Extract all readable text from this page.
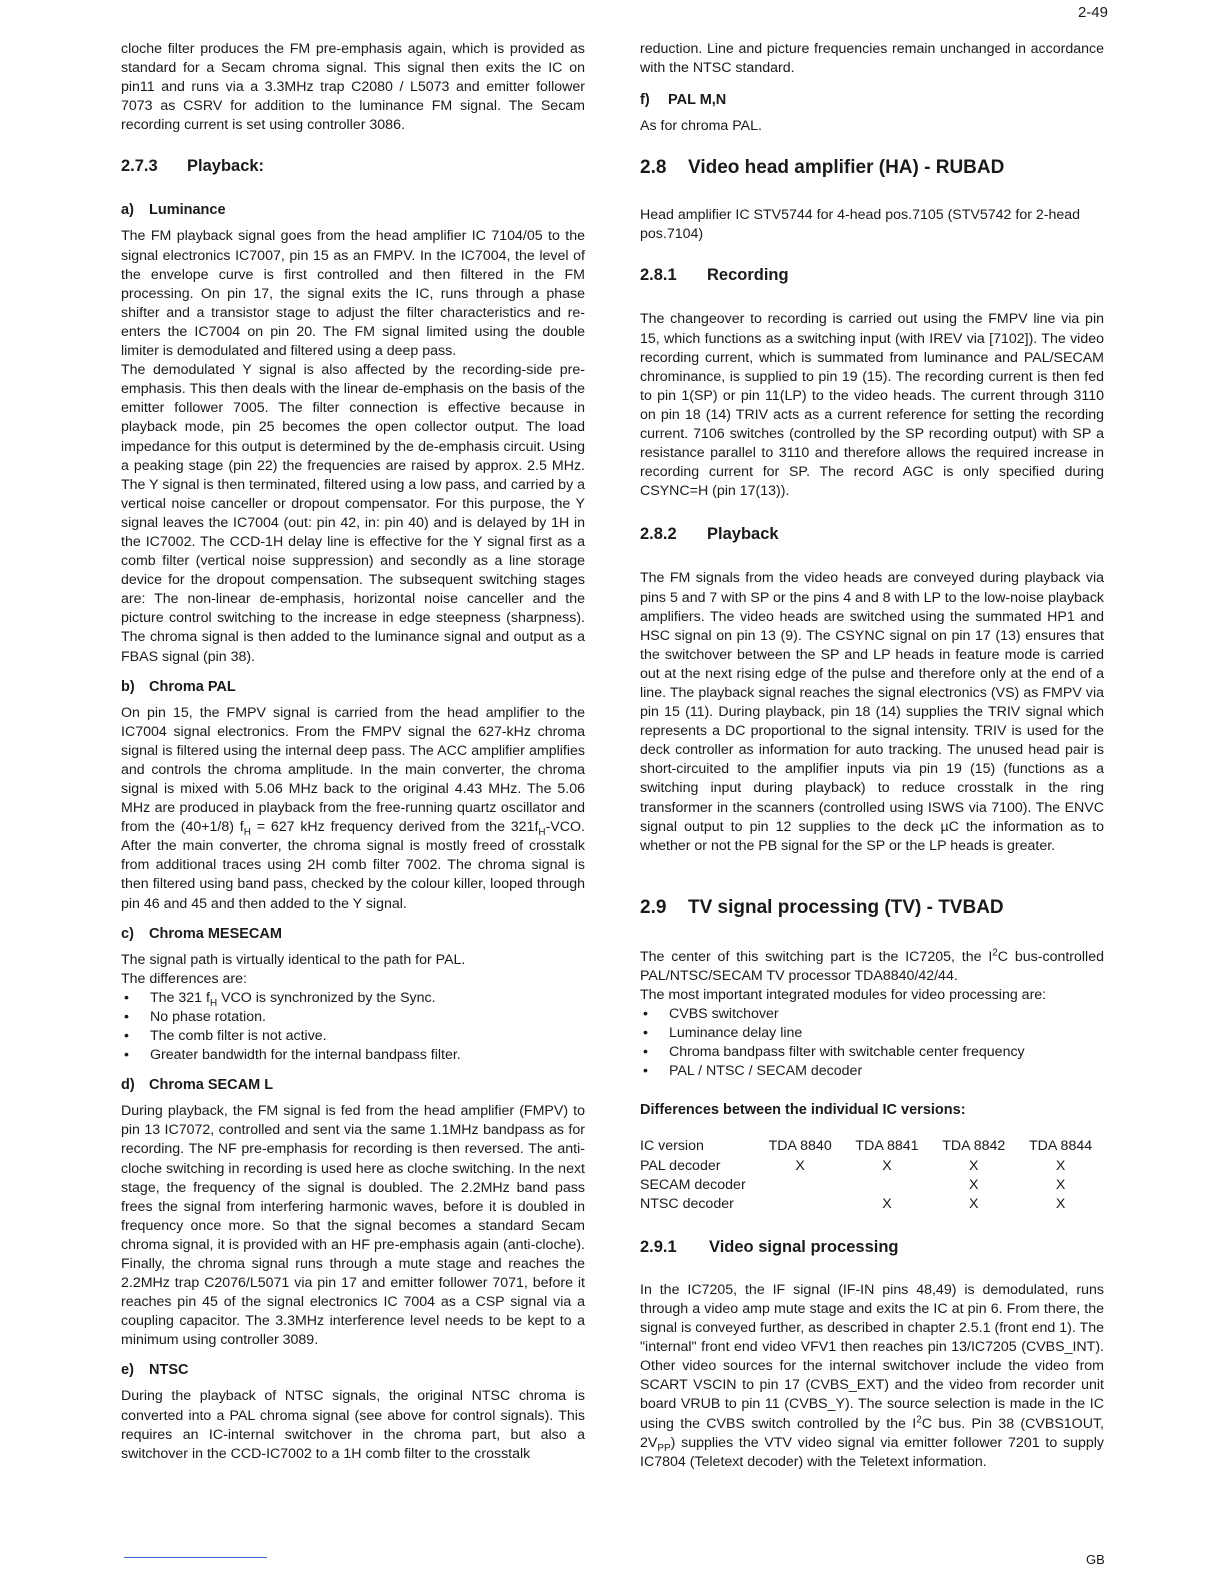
2-49

cloche filter produces the FM pre-emphasis again, which is provided as standard for a Secam chroma signal. This signal then exits the IC on pin11 and runs via a 3.3MHz trap C2080 / L5073 and emitter follower 7073 as CSRV for addition to the luminance FM signal. The Secam recording current is set using controller 3086.

2.7.3 Playback:
a) Luminance

The FM playback signal goes from the head amplifier IC 7104/05 to the signal electronics IC7007, pin 15 as an FMPV. In the IC7004, the level of the envelope curve is first controlled and then filtered in the FM processing. On pin 17, the signal exits the IC, runs through a phase shifter and a transistor stage to adjust the filter characteristics and re-enters the IC7004 on pin 20. The FM signal limited using the double limiter is demodulated and filtered using a deep pass.

The demodulated Y signal is also affected by the recording-side pre-emphasis. This then deals with the linear de-emphasis on the basis of the emitter follower 7005. The filter connection is effective because in playback mode, pin 25 becomes the open collector output. The load impedance for this output is determined by the de-emphasis circuit. Using a peaking stage (pin 22) the frequencies are raised by approx. 2.5 MHz. The Y signal is then terminated, filtered using a low pass, and carried by a vertical noise canceller or dropout compensator. For this purpose, the Y signal leaves the IC7004 (out: pin 42, in: pin 40) and is delayed by 1H in the IC7002. The CCD-1H delay line is effective for the Y signal first as a comb filter (vertical noise suppression) and secondly as a line storage device for the dropout compensation. The subsequent switching stages are: The non-linear de-emphasis, horizontal noise canceller and the picture control switching to the increase in edge steepness (sharpness). The chroma signal is then added to the luminance signal and output as a FBAS signal (pin 38).

b) Chroma PAL

On pin 15, the FMPV signal is carried from the head amplifier to the IC7004 signal electronics. From the FMPV signal the 627-kHz chroma signal is filtered using the internal deep pass. The ACC amplifier amplifies and controls the chroma amplitude. In the main converter, the chroma signal is mixed with 5.06 MHz back to the original 4.43 MHz. The 5.06 MHz are produced in playback from the free-running quartz oscillator and from the (40+1/8) $f_H = 627$ kHz frequency derived from the $321f_H$-VCO. After the main converter, the chroma signal is mostly freed of crosstalk from additional traces using 2H comb filter 7002. The chroma signal is then filtered using band pass, checked by the colour killer, looped through pin 46 and 45 and then added to the Y signal.

c) Chroma MESECAM

The signal path is virtually identical to the path for PAL.

The differences are:

• The 321 $f_H$ VCO is synchronized by the Sync.
• No phase rotation.
• The comb filter is not active.
• Greater bandwidth for the internal bandpass filter.
d) Chroma SECAM L

During playback, the FM signal is fed from the head amplifier (FMPV) to pin 13 IC7072, controlled and sent via the same 1.1MHz bandpass as for recording. The NF pre-emphasis for recording is then reversed. The anti-cloche switching in recording is used here as cloche switching. In the next stage, the frequency of the signal is doubled. The 2.2MHz band pass frees the signal from interfering harmonic waves, before it is doubled in frequency once more. So that the signal becomes a standard Secam chroma signal, it is provided with an HF pre-emphasis again (anti-cloche). Finally, the chroma signal runs through a mute stage and reaches the 2.2MHz trap C2076/L5071 via pin 17 and emitter follower 7071, before it reaches pin 45 of the signal electronics IC 7004 as a CSP signal via a coupling capacitor. The 3.3MHz interference level needs to be kept to a minimum using controller 3089.

e) NTSC

During the playback of NTSC signals, the original NTSC chroma is converted into a PAL chroma signal (see above for control signals). This requires an IC-internal switchover in the chroma part, but also a switchover in the CCD-IC7002 to a 1H comb filter to the crosstalk

reduction. Line and picture frequencies remain unchanged in accordance with the NTSC standard.

f) PAL M,N

As for chroma PAL.

2.8 Video head amplifier (HA) - RUBAD

Head amplifier IC STV5744 for 4-head pos.7105 (STV5742 for 2-head pos.7104)

2.8.1 Recording

The changeover to recording is carried out using the FMPV line via pin 15, which functions as a switching input (with IREV via [7102]). The video recording current, which is summated from luminance and PAL/SECAM chrominance, is supplied to pin 19 (15). The recording current is then fed to pin 1(SP) or pin 11(LP) to the video heads. The current through 3110 on pin 18 (14) TRIV acts as a current reference for setting the recording current. 7106 switches (controlled by the SP recording output) with SP a resistance parallel to 3110 and therefore allows the required increase in recording current for SP. The record AGC is only specified during CSYNC=H (pin 17(13)).

2.8.2 Playback

The FM signals from the video heads are conveyed during playback via pins 5 and 7 with SP or the pins 4 and 8 with LP to the low-noise playback amplifiers. The video heads are switched using the summated HP1 and HSC signal on pin 13 (9). The CSYNC signal on pin 17 (13) ensures that the switchover between the SP and LP heads in feature mode is carried out at the next rising edge of the pulse and therefore only at the end of a line. The playback signal reaches the signal electronics (VS) as FMPV via pin 15 (11). During playback, pin 18 (14) supplies the TRIV signal which represents a DC proportional to the signal intensity. TRIV is used for the deck controller as information for auto tracking. The unused head pair is short-circuited to the amplifier inputs via pin 19 (15) (functions as a switching input during playback) to reduce crosstalk in the ring transformer in the scanners (controlled using ISWS via 7100). The ENVC signal output to pin 12 supplies to the deck µC the information as to whether or not the PB signal for the SP or the LP heads is greater.

2.9 TV signal processing (TV) - TVBAD

The center of this switching part is the IC7205, the $I^2C$ bus-controlled PAL/NTSC/SECAM TV processor TDA8840/42/44.

The most important integrated modules for video processing are:

• CVBS switchover
• Luminance delay line
• Chroma bandpass filter with switchable center frequency
• PAL / NTSC / SECAM decoder
Differences between the individual IC versions:
IC version	TDA 8840	TDA 8841	TDA 8842	TDA 8844
PAL decoder	X	X	X	X
SECAM decoder			X	X
NTSC decoder		X	X	X
2.9.1 Video signal processing

In the IC7205, the IF signal (IF-IN pins 48,49) is demodulated, runs through a video amp mute stage and exits the IC at pin 6. From there, the signal is conveyed further, as described in chapter 2.5.1 (front end 1). The "internal" front end video VFV1 then reaches pin 13/IC7205 (CVBS_INT). Other video sources for the internal switchover include the video from SCART VSCIN to pin 17 (CVBS_EXT) and the video from recorder unit board VRUB to pin 11 (CVBS_Y). The source selection is made in the IC using the CVBS switch controlled by the $I^2C$ bus. Pin 38 (CVBS1OUT, $2V_{PP}$) supplies the VTV video signal via emitter follower 7201 to supply IC7804 (Teletext decoder) with the Teletext information.

GB
